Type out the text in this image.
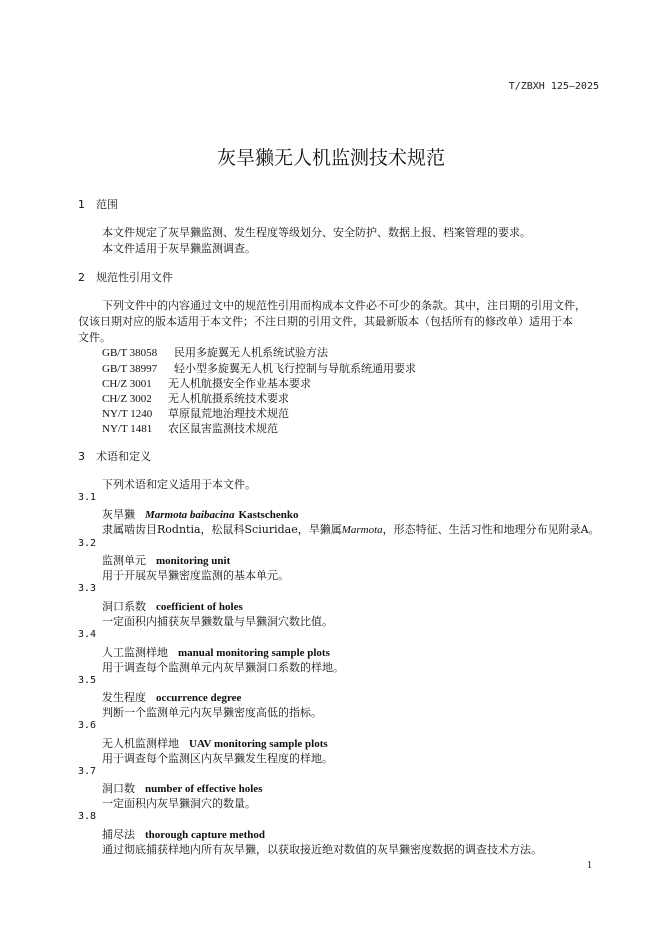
T/ZBXH 125—2025
灰旱獭无人机监测技术规范
1 范围
本文件规定了灰旱獭监测、发生程度等级划分、安全防护、数据上报、档案管理的要求。
本文件适用于灰旱獭监测调查。
2 规范性引用文件
下列文件中的内容通过文中的规范性引用而构成本文件必不可少的条款。其中，注日期的引用文件，
仅该日期对应的版本适用于本文件；不注日期的引用文件，其最新版本（包括所有的修改单）适用于本
文件。
GB/T 38058 民用多旋翼无人机系统试验方法
GB/T 38997 轻小型多旋翼无人机飞行控制与导航系统通用要求
CH/Z 3001 无人机航摄安全作业基本要求
CH/Z 3002 无人机航摄系统技术要求
NY/T 1240 草原鼠荒地治理技术规范
NY/T 1481 农区鼠害监测技术规范
3 术语和定义
下列术语和定义适用于本文件。
3.1
灰旱獭 Marmota baibacina Kastschenko
隶属啮齿目Rodntia，松鼠科Sciuridae，旱獭属Marmota，形态特征、生活习性和地理分布见附录A。
3.2
监测单元 monitoring unit
用于开展灰旱獭密度监测的基本单元。
3.3
洞口系数 coefficient of holes
一定面积内捕获灰旱獭数量与旱獭洞穴数比值。
3.4
人工监测样地 manual monitoring sample plots
用于调查每个监测单元内灰旱獭洞口系数的样地。
3.5
发生程度 occurrence degree
判断一个监测单元内灰旱獭密度高低的指标。
3.6
无人机监测样地 UAV monitoring sample plots
用于调查每个监测区内灰旱獭发生程度的样地。
3.7
洞口数 number of effective holes
一定面积内灰旱獭洞穴的数量。
3.8
捕尽法 thorough capture method
通过彻底捕获样地内所有灰旱獭，以获取接近绝对数值的灰旱獭密度数据的调查技术方法。
1
